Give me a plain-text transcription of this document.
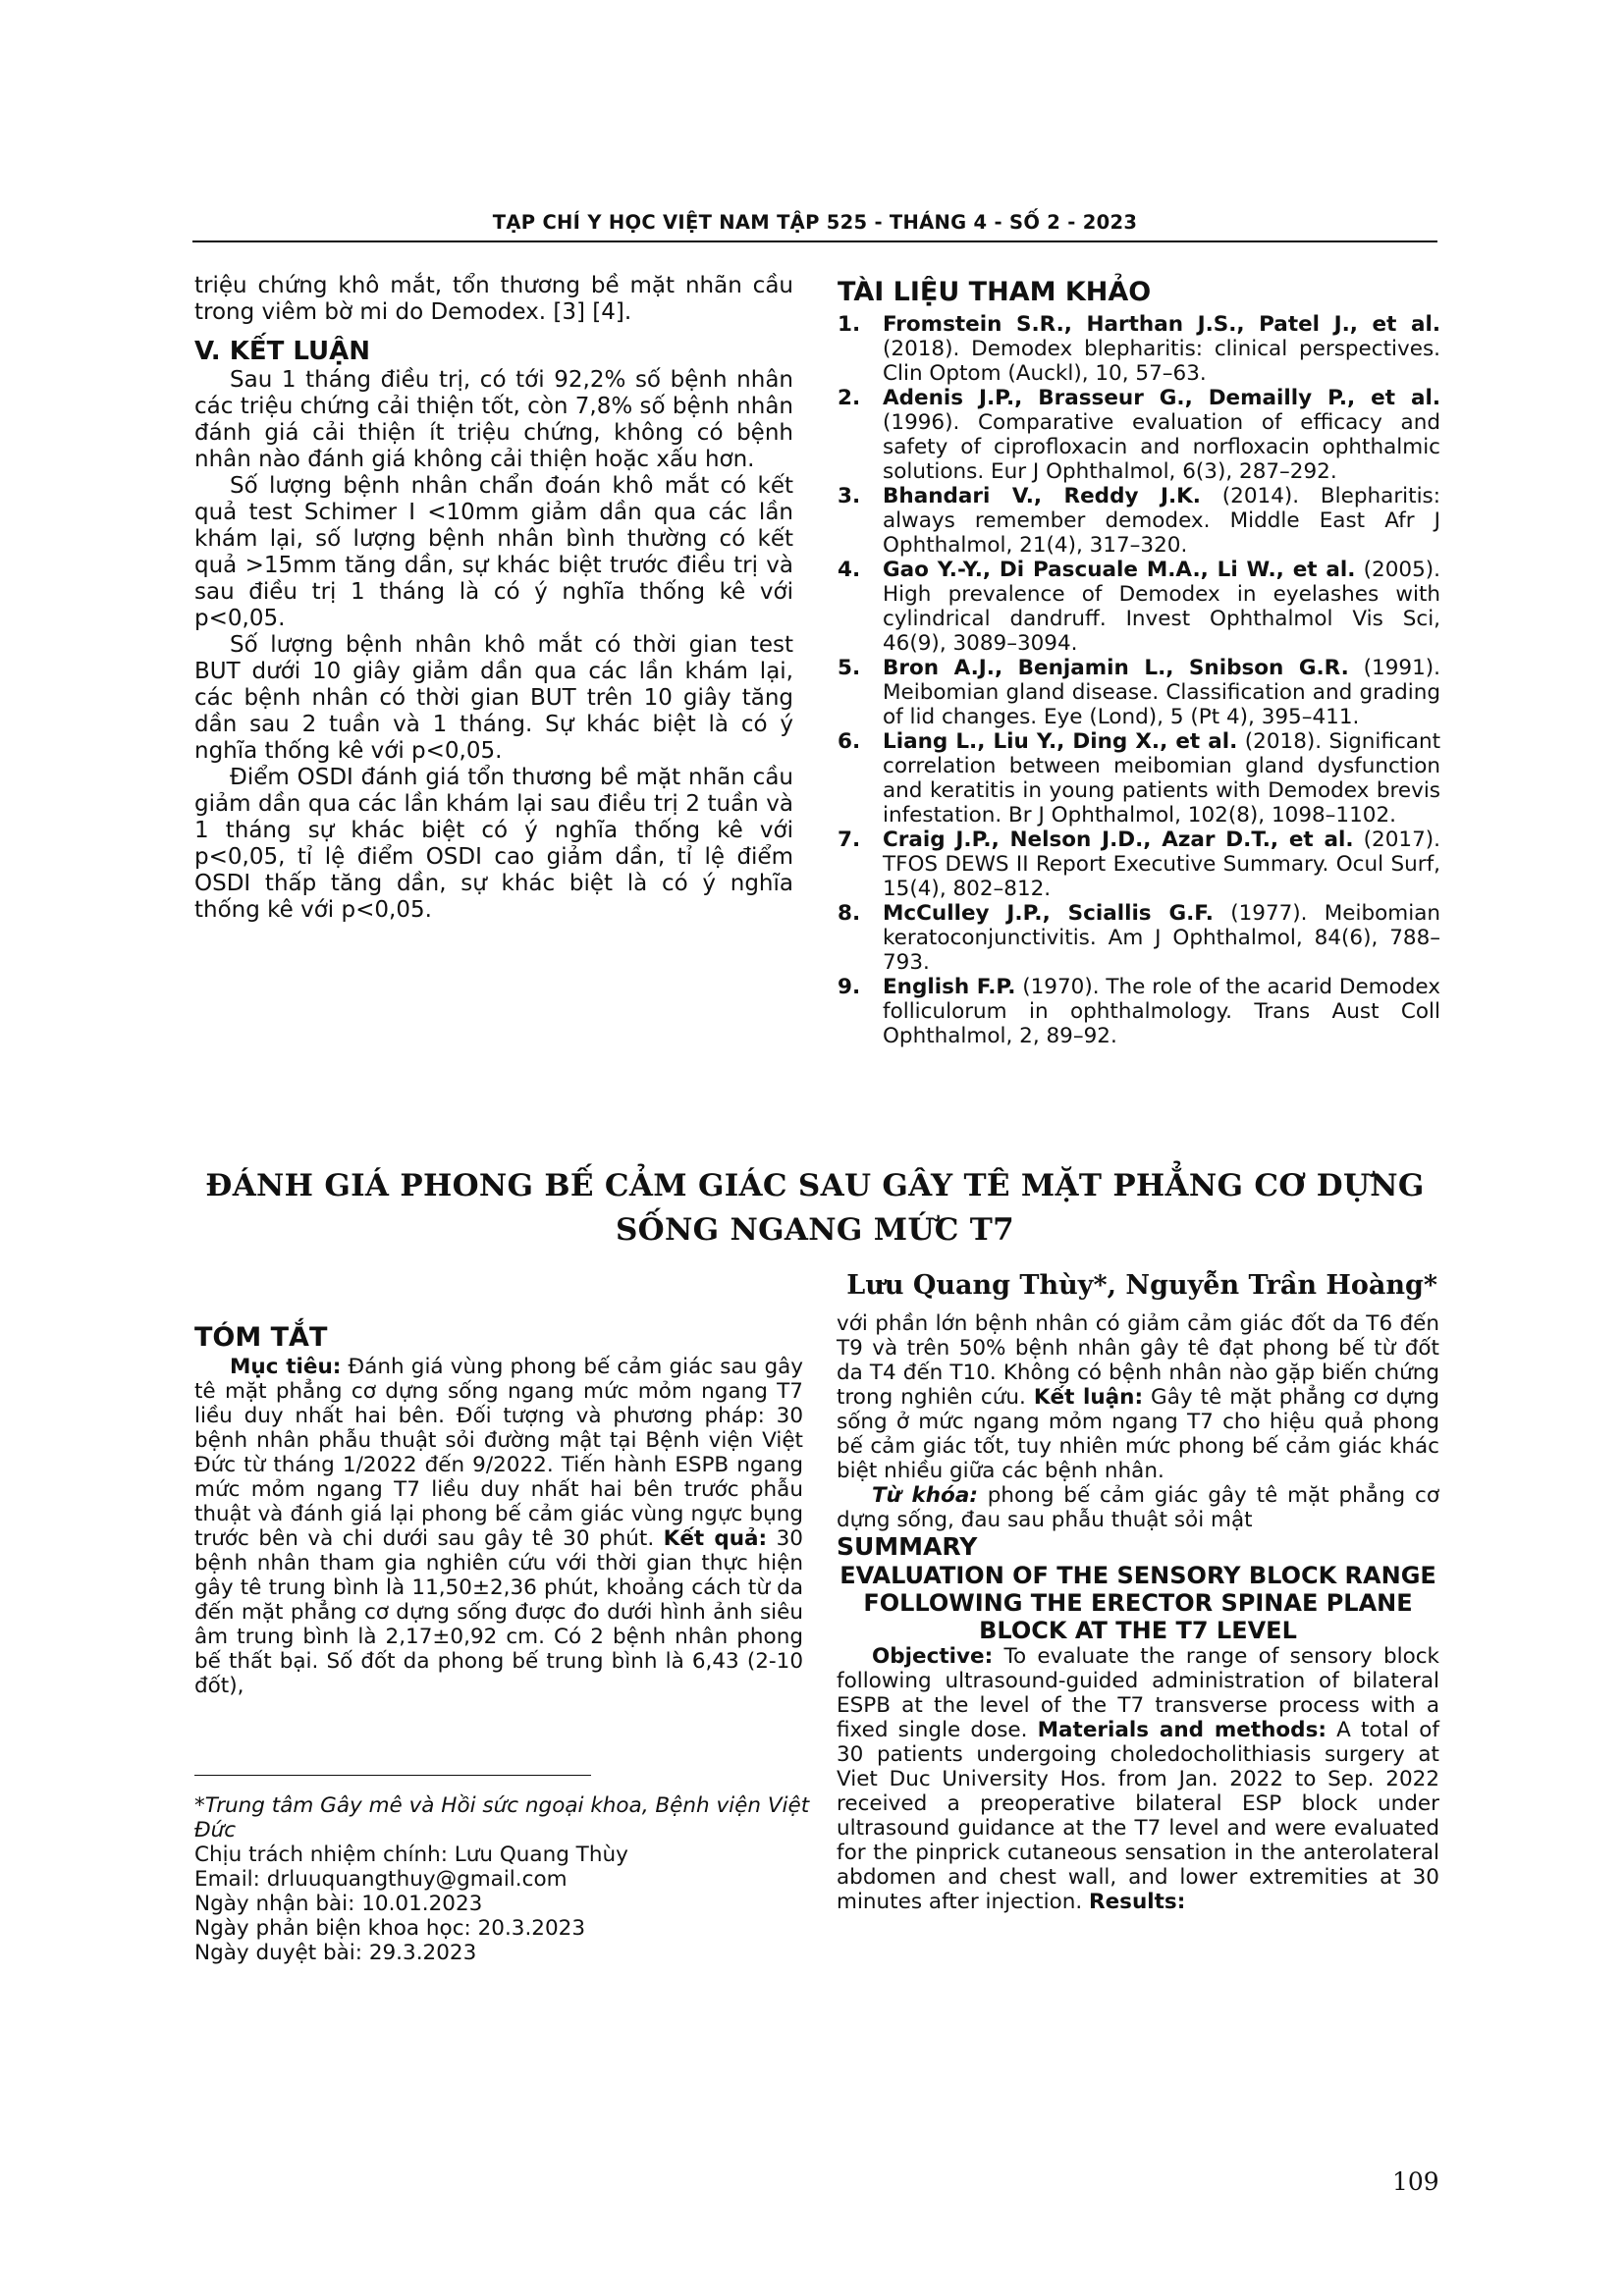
TẠP CHÍ Y HỌC VIỆT NAM TẬP 525 - THÁNG 4 - SỐ 2 - 2023

triệu chứng khô mắt, tổn thương bề mặt nhãn cầu trong viêm bờ mi do Demodex. [3] [4].

V. KẾT LUẬN

Sau 1 tháng điều trị, có tới 92,2% số bệnh nhân các triệu chứng cải thiện tốt, còn 7,8% số bệnh nhân đánh giá cải thiện ít triệu chứng, không có bệnh nhân nào đánh giá không cải thiện hoặc xấu hơn.

Số lượng bệnh nhân chẩn đoán khô mắt có kết quả test Schimer I <10mm giảm dần qua các lần khám lại, số lượng bệnh nhân bình thường có kết quả >15mm tăng dần, sự khác biệt trước điều trị và sau điều trị 1 tháng là có ý nghĩa thống kê với p<0,05.

Số lượng bệnh nhân khô mắt có thời gian test BUT dưới 10 giây giảm dần qua các lần khám lại, các bệnh nhân có thời gian BUT trên 10 giây tăng dần sau 2 tuần và 1 tháng. Sự khác biệt là có ý nghĩa thống kê với p<0,05.

Điểm OSDI đánh giá tổn thương bề mặt nhãn cầu giảm dần qua các lần khám lại sau điều trị 2 tuần và 1 tháng sự khác biệt có ý nghĩa thống kê với p<0,05, tỉ lệ điểm OSDI cao giảm dần, tỉ lệ điểm OSDI thấp tăng dần, sự khác biệt là có ý nghĩa thống kê với p<0,05.

TÀI LIỆU THAM KHẢO
1.	Fromstein S.R., Harthan J.S., Patel J., et al. (2018). Demodex blepharitis: clinical perspectives. Clin Optom (Auckl), 10, 57–63.
2.	Adenis J.P., Brasseur G., Demailly P., et al. (1996). Comparative evaluation of efficacy and safety of ciprofloxacin and norfloxacin ophthalmic solutions. Eur J Ophthalmol, 6(3), 287–292.
3.	Bhandari V., Reddy J.K. (2014). Blepharitis: always remember demodex. Middle East Afr J Ophthalmol, 21(4), 317–320.
4.	Gao Y.-Y., Di Pascuale M.A., Li W., et al. (2005). High prevalence of Demodex in eyelashes with cylindrical dandruff. Invest Ophthalmol Vis Sci, 46(9), 3089–3094.
5.	Bron A.J., Benjamin L., Snibson G.R. (1991). Meibomian gland disease. Classification and grading of lid changes. Eye (Lond), 5 (Pt 4), 395–411.
6.	Liang L., Liu Y., Ding X., et al. (2018). Significant correlation between meibomian gland dysfunction and keratitis in young patients with Demodex brevis infestation. Br J Ophthalmol, 102(8), 1098–1102.
7.	Craig J.P., Nelson J.D., Azar D.T., et al. (2017). TFOS DEWS II Report Executive Summary. Ocul Surf, 15(4), 802–812.
8.	McCulley J.P., Sciallis G.F. (1977). Meibomian keratoconjunctivitis. Am J Ophthalmol, 84(6), 788–793.
9.	English F.P. (1970). The role of the acarid Demodex folliculorum in ophthalmology. Trans Aust Coll Ophthalmol, 2, 89–92.
ĐÁNH GIÁ PHONG BẾ CẢM GIÁC SAU GÂY TÊ MẶT PHẲNG CƠ DỰNG
SỐNG NGANG MỨC T7
Lưu Quang Thùy*, Nguyễn Trần Hoàng*

TÓM TẮT

Mục tiêu: Đánh giá vùng phong bế cảm giác sau gây tê mặt phẳng cơ dựng sống ngang mức mỏm ngang T7 liều duy nhất hai bên. Đối tượng và phương pháp: 30 bệnh nhân phẫu thuật sỏi đường mật tại Bệnh viện Việt Đức từ tháng 1/2022 đến 9/2022. Tiến hành ESPB ngang mức mỏm ngang T7 liều duy nhất hai bên trước phẫu thuật và đánh giá lại phong bế cảm giác vùng ngực bụng trước bên và chi dưới sau gây tê 30 phút. Kết quả: 30 bệnh nhân tham gia nghiên cứu với thời gian thực hiện gây tê trung bình là 11,50±2,36 phút, khoảng cách từ da đến mặt phẳng cơ dựng sống được đo dưới hình ảnh siêu âm trung bình là 2,17±0,92 cm. Có 2 bệnh nhân phong bế thất bại. Số đốt da phong bế trung bình là 6,43 (2-10 đốt),

với phần lớn bệnh nhân có giảm cảm giác đốt da T6 đến T9 và trên 50% bệnh nhân gây tê đạt phong bế từ đốt da T4 đến T10. Không có bệnh nhân nào gặp biến chứng trong nghiên cứu. Kết luận: Gây tê mặt phẳng cơ dựng sống ở mức ngang mỏm ngang T7 cho hiệu quả phong bế cảm giác tốt, tuy nhiên mức phong bế cảm giác khác biệt nhiều giữa các bệnh nhân.

Từ khóa: phong bế cảm giác gây tê mặt phẳng cơ dựng sống, đau sau phẫu thuật sỏi mật

SUMMARY

EVALUATION OF THE SENSORY BLOCK RANGE FOLLOWING THE ERECTOR SPINAE PLANE BLOCK AT THE T7 LEVEL

Objective: To evaluate the range of sensory block following ultrasound-guided administration of bilateral ESPB at the level of the T7 transverse process with a fixed single dose. Materials and methods: A total of 30 patients undergoing choledocholithiasis surgery at Viet Duc University Hos. from Jan. 2022 to Sep. 2022 received a preoperative bilateral ESP block under ultrasound guidance at the T7 level and were evaluated for the pinprick cutaneous sensation in the anterolateral abdomen and chest wall, and lower extremities at 30 minutes after injection. Results:

*Trung tâm Gây mê và Hồi sức ngoại khoa, Bệnh viện Việt Đức

Chịu trách nhiệm chính: Lưu Quang Thùy

Email: drluuquangthuy@gmail.com

Ngày nhận bài: 10.01.2023

Ngày phản biện khoa học: 20.3.2023

Ngày duyệt bài: 29.3.2023

109
